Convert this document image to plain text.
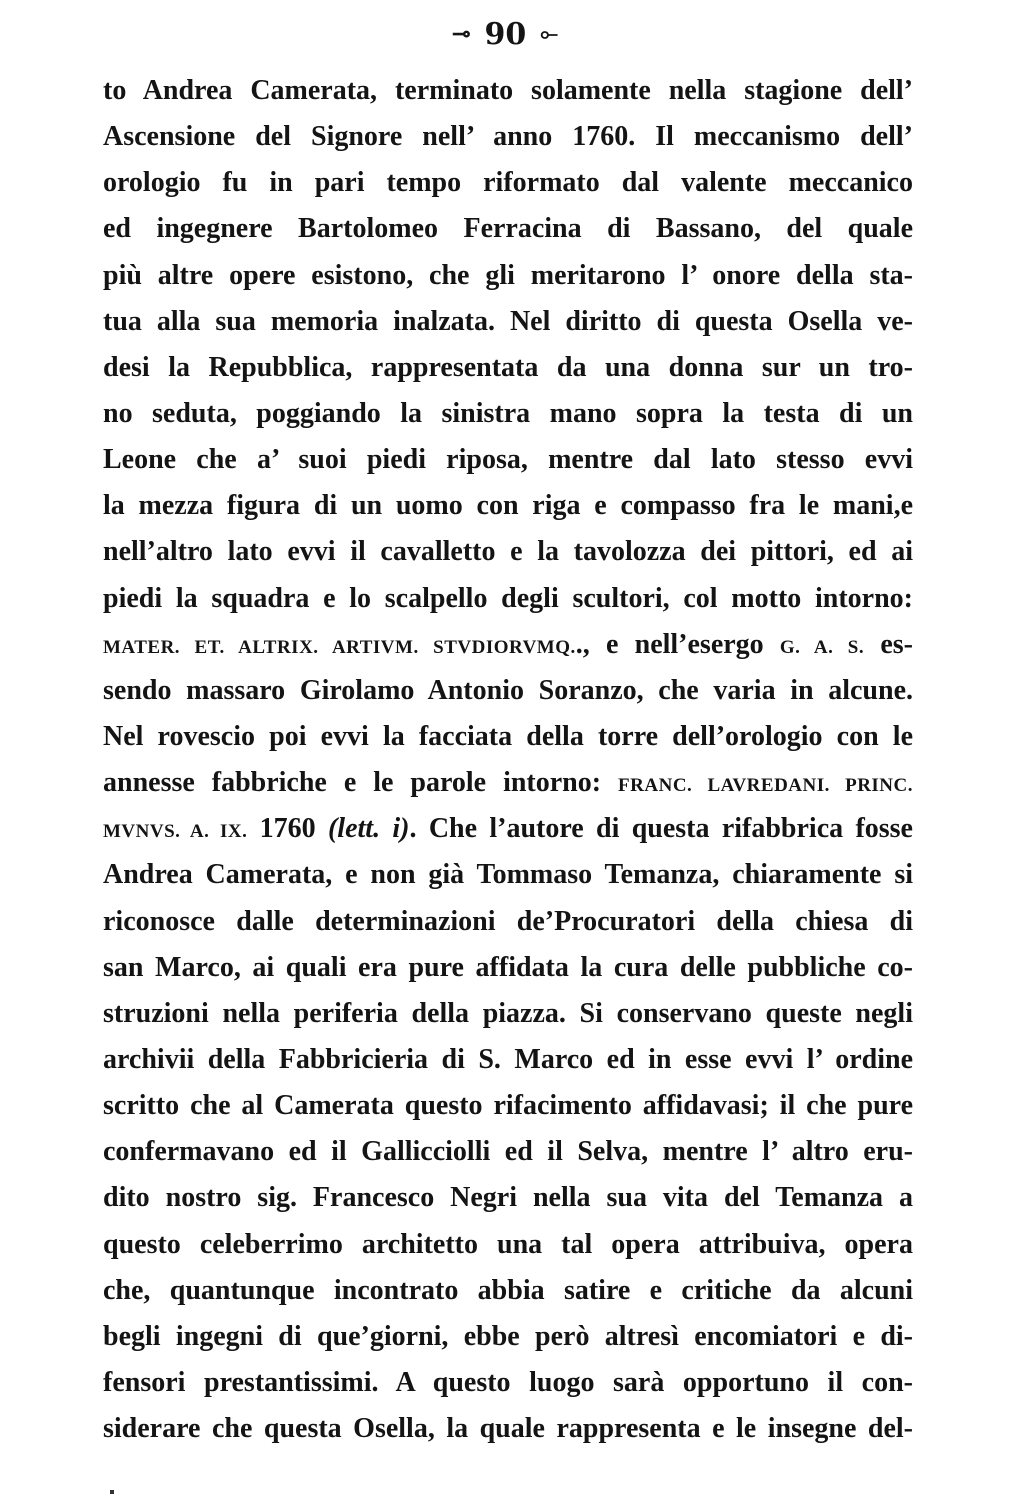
⊸ 90 ⟜
to Andrea Camerata, terminato solamente nella stagione dell’
Ascensione del Signore nell’ anno 1760. Il meccanismo dell’
orologio fu in pari tempo riformato dal valente meccanico
ed ingegnere Bartolomeo Ferracina di Bassano, del quale
più altre opere esistono, che gli meritarono l’ onore della sta-
tua alla sua memoria inalzata. Nel diritto di questa Osella ve-
desi la Repubblica, rappresentata da una donna sur un tro-
no seduta, poggiando la sinistra mano sopra la testa di un
Leone che a’ suoi piedi riposa, mentre dal lato stesso evvi
la mezza figura di un uomo con riga e compasso fra le mani,e
nell’altro lato evvi il cavalletto e la tavolozza dei pittori, ed ai
piedi la squadra e lo scalpello degli scultori, col motto intorno:
MATER. ET. ALTRIX. ARTIVM. STVDIORVMQ.., e nell’esergo G. A. S. es-
sendo massaro Girolamo Antonio Soranzo, che varia in alcune.
Nel rovescio poi evvi la facciata della torre dell’orologio con le
annesse fabbriche e le parole intorno: FRANC. LAVREDANI. PRINC.
MVNVS. A. IX. 1760 (lett. i). Che l’autore di questa rifabbrica fosse
Andrea Camerata, e non già Tommaso Temanza, chiaramente si
riconosce dalle determinazioni de’Procuratori della chiesa di
san Marco, ai quali era pure affidata la cura delle pubbliche co-
struzioni nella periferia della piazza. Si conservano queste negli
archivii della Fabbricieria di S. Marco ed in esse evvi l’ ordine
scritto che al Camerata questo rifacimento affidavasi; il che pure
confermavano ed il Gallicciolli ed il Selva, mentre l’ altro eru-
dito nostro sig. Francesco Negri nella sua vita del Temanza a
questo celeberrimo architetto una tal opera attribuiva, opera
che, quantunque incontrato abbia satire e critiche da alcuni
begli ingegni di que’giorni, ebbe però altresì encomiatori e di-
fensori prestantissimi. A questo luogo sarà opportuno il con-
siderare che questa Osella, la quale rappresenta e le insegne del-
